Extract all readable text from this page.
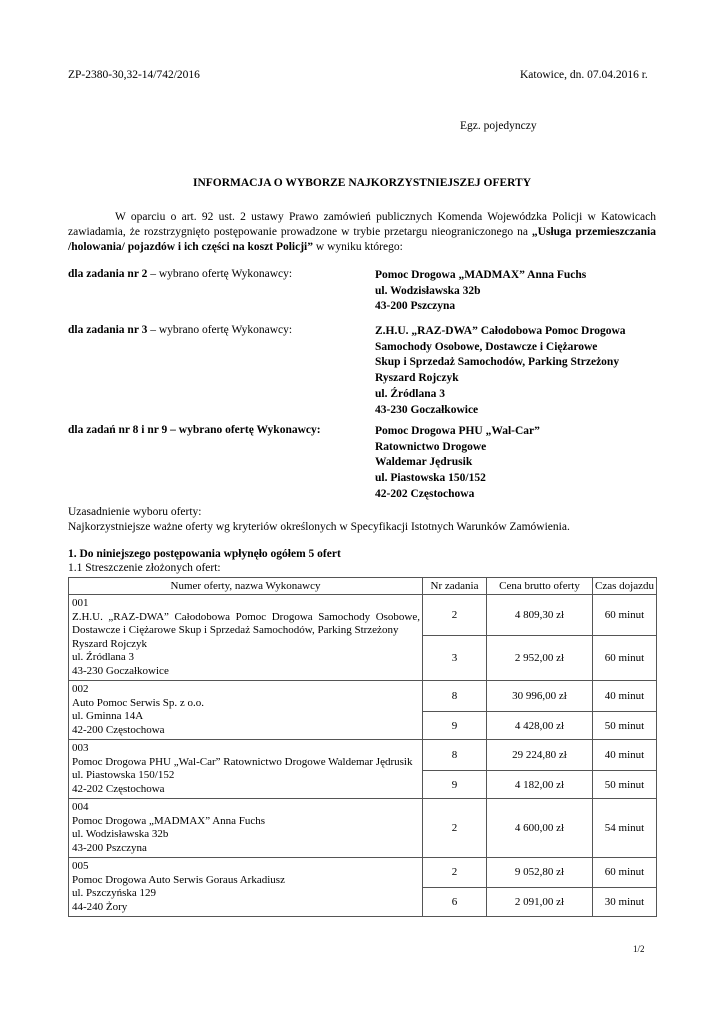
ZP-2380-30,32-14/742/2016	Katowice, dn. 07.04.2016 r.
Egz. pojedynczy
INFORMACJA O WYBORZE NAJKORZYSTNIEJSZEJ OFERTY
W oparciu o art. 92 ust. 2 ustawy Prawo zamówień publicznych Komenda Wojewódzka Policji w Katowicach zawiadamia, że rozstrzygnięto postępowanie prowadzone w trybie przetargu nieograniczonego na „Usługa przemieszczania /holowania/ pojazdów i ich części na koszt Policji” w wyniku którego:
dla zadania nr 2 – wybrano ofertę Wykonawcy:	Pomoc Drogowa „MADMAX” Anna Fuchs
ul. Wodzisławska 32b
43-200 Pszczyna
dla zadania nr 3 – wybrano ofertę Wykonawcy:	Z.H.U. „RAZ-DWA” Całodobowa Pomoc Drogowa
Samochody Osobowe, Dostawcze i Ciężarowe
Skup i Sprzedaż Samochodów, Parking Strzeżony
Ryszard Rojczyk
ul. Źródlana 3
43-230 Goczałkowice
dla zadań nr 8 i nr 9 – wybrano ofertę Wykonawcy:	Pomoc Drogowa PHU „Wal-Car”
Ratownictwo Drogowe
Waldemar Jędrusik
ul. Piastowska 150/152
42-202 Częstochowa
Uzasadnienie wyboru oferty:
Najkorzystniejsze ważne oferty wg kryteriów określonych w Specyfikacji Istotnych Warunków Zamówienia.
1. Do niniejszego postępowania wpłynęło ogółem 5 ofert
1.1 Streszczenie złożonych ofert:
Numer oferty, nazwa Wykonawcy	Nr zadania	Cena brutto oferty	Czas dojazdu

001
Z.H.U. „RAZ-DWA” Całodobowa Pomoc Drogowa Samochody Osobowe, Dostawcze i Ciężarowe Skup i Sprzedaż Samochodów, Parking Strzeżony
Ryszard Rojczyk
ul. Źródlana 3
43-230 Goczałkowice	2	4 809,30 zł	60 minut
	3	2 952,00 zł	60 minut

002
Auto Pomoc Serwis Sp. z o.o.
ul. Gminna 14A
42-200 Częstochowa	8	30 996,00 zł	40 minut
	9	4 428,00 zł	50 minut

003
Pomoc Drogowa PHU „Wal-Car” Ratownictwo Drogowe Waldemar Jędrusik
ul. Piastowska 150/152
42-202 Częstochowa	8	29 224,80 zł	40 minut
	9	4 182,00 zł	50 minut

004
Pomoc Drogowa „MADMAX” Anna Fuchs
ul. Wodzisławska 32b
43-200 Pszczyna	2	4 600,00 zł	54 minut

005
Pomoc Drogowa Auto Serwis Goraus Arkadiusz
ul. Pszczyńska 129
44-240 Żory	2	9 052,80 zł	60 minut
	6	2 091,00 zł	30 minut
1/2
